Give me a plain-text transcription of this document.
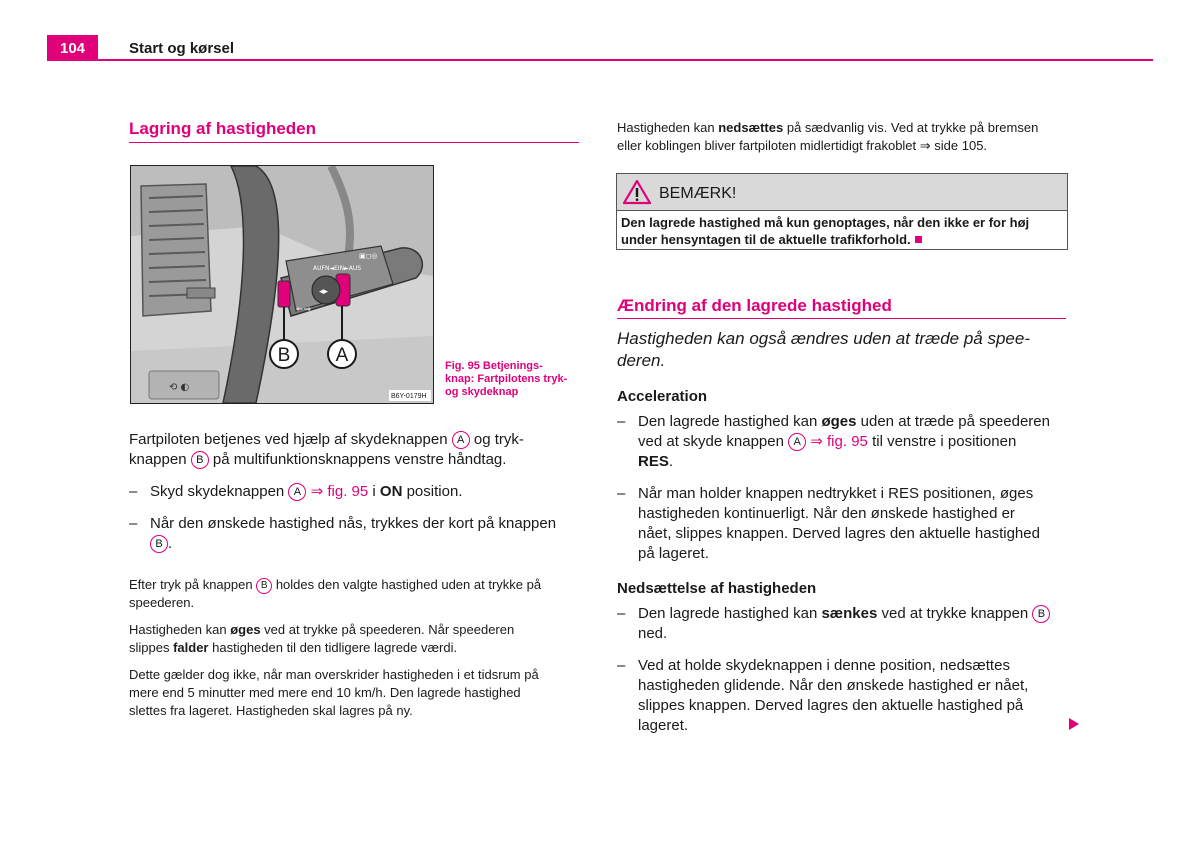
104	Start og kørsel
Lagring af hastigheden
⟲ ◐
◂▸
⇐⇒
AUFN◄EIN►AUS
▣◻◎
B A
B6Y-0179H
Fig. 95 Betjenings-
knap: Fartpilotens tryk-
og skydeknap
Fartpiloten betjenes ved hjælp af skydeknappen A og tryk-
knappen B på multifunktionsknappens venstre håndtag.
– Skyd skydeknappen A ⇒ fig. 95 i ON position.
– Når den ønskede hastighed nås, trykkes der kort på knappen
B .
Efter tryk på knappen B holdes den valgte hastighed uden at trykke på
speederen.
Hastigheden kan øges ved at trykke på speederen. Når speederen
slippes falder hastigheden til den tidligere lagrede værdi.
Dette gælder dog ikke, når man overskrider hastigheden i et tidsrum på
mere end 5 minutter med mere end 10 km/h. Den lagrede hastighed
slettes fra lageret. Hastigheden skal lagres på ny.
Hastigheden kan nedsættes på sædvanlig vis. Ved at trykke på bremsen
eller koblingen bliver fartpiloten midlertidigt frakoblet ⇒ side 105.
BEMÆRK!
Den lagrede hastighed må kun genoptages, når den ikke er for høj
under hensyntagen til de aktuelle trafikforhold.
Ændring af den lagrede hastighed
Hastigheden kan også ændres uden at træde på spee-
deren.
Acceleration
– Den lagrede hastighed kan øges uden at træde på speederen
ved at skyde knappen A ⇒ fig. 95 til venstre i positionen
RES.
– Når man holder knappen nedtrykket i RES positionen, øges
hastigheden kontinuerligt. Når den ønskede hastighed er
nået, slippes knappen. Derved lagres den aktuelle hastighed
på lageret.
Nedsættelse af hastigheden
– Den lagrede hastighed kan sænkes ved at trykke knappen B
ned.
– Ved at holde skydeknappen i denne position, nedsættes
hastigheden glidende. Når den ønskede hastighed er nået,
slippes knappen. Derved lagres den aktuelle hastighed på
lageret.
